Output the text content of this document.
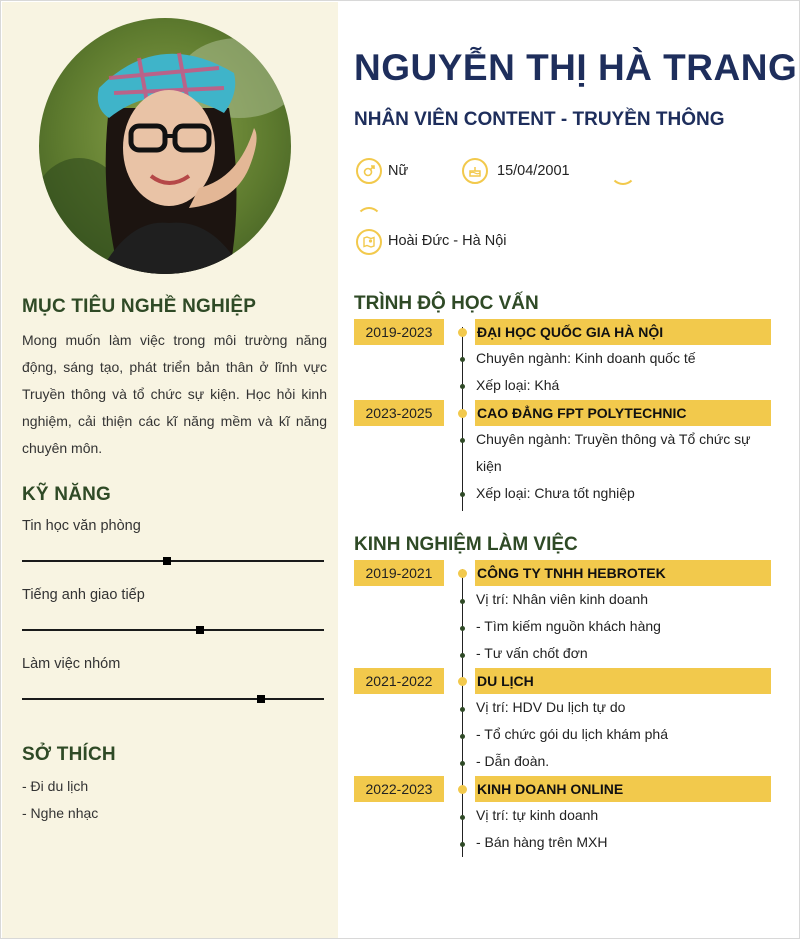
MỤC TIÊU NGHỀ NGHIỆP
Mong muốn làm việc trong môi trường năng động, sáng tạo, phát triển bản thân ở lĩnh vực Truyền thông và tổ chức sự kiện. Học hỏi kinh nghiệm, cải thiện các kĩ năng mềm và kĩ năng chuyên môn.
KỸ NĂNG
Tin học văn phòng
Tiếng anh giao tiếp
Làm việc nhóm
SỞ THÍCH
- Đi du lịch
- Nghe nhạc
NGUYỄN THỊ HÀ TRANG
NHÂN VIÊN CONTENT - TRUYỀN THÔNG
Nữ	15/04/2001
Hoài Đức - Hà Nội
TRÌNH ĐỘ HỌC VẤN
2019-2023	ĐẠI HỌC QUỐC GIA HÀ NỘI
Chuyên ngành: Kinh doanh quốc tế
Xếp loại: Khá
2023-2025	CAO ĐẲNG FPT POLYTECHNIC
Chuyên ngành: Truyền thông và Tổ chức sự
kiện
Xếp loại: Chưa tốt nghiệp
KINH NGHIỆM LÀM VIỆC
2019-2021	CÔNG TY TNHH HEBROTEK
Vị trí: Nhân viên kinh doanh
- Tìm kiếm nguồn khách hàng
- Tư vấn chốt đơn
2021-2022	DU LỊCH
Vị trí: HDV Du lịch tự do
- Tổ chức gói du lịch khám phá
- Dẫn đoàn.
2022-2023	KINH DOANH ONLINE
Vị trí: tự kinh doanh
- Bán hàng trên MXH
